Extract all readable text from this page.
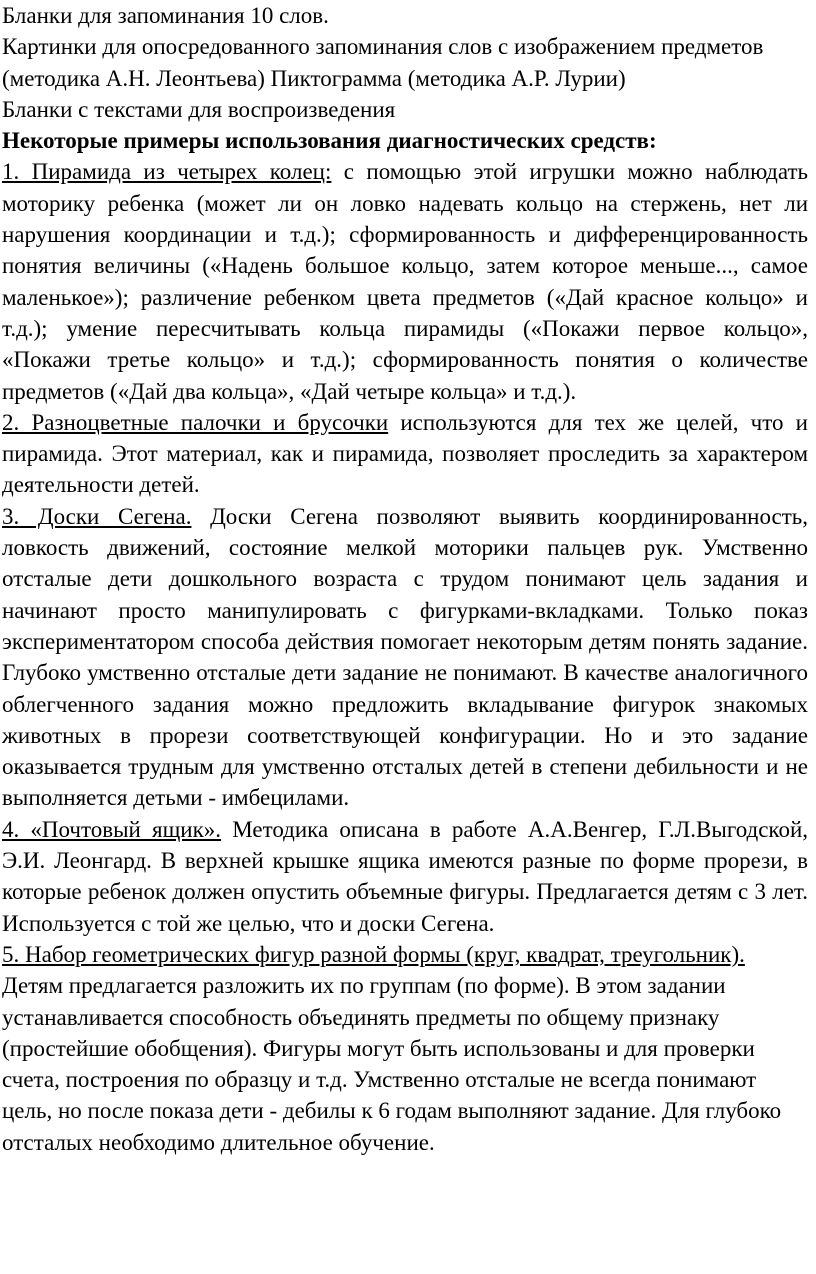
Бланки для запоминания 10 слов.

Картинки для опосредованного запоминания слов с изображением предметов

(методика А.Н. Леонтьева) Пиктограмма (методика А.Р. Лурии)

Бланки с текстами для воспроизведения

Некоторые примеры использования диагностических средств:

1. Пирамида из четырех колец: с помощью этой игрушки можно наблюдать моторику ребенка (может ли он ловко надевать кольцо на стержень, нет ли нарушения координации и т.д.); сформированность и дифференцированность понятия величины («Надень большое кольцо, затем которое меньше..., самое маленькое»); различение ребенком цвета предметов («Дай красное кольцо» и т.д.); умение пересчитывать кольца пирамиды («Покажи первое кольцо», «Покажи третье кольцо» и т.д.); сформированность понятия о количестве предметов («Дай два кольца», «Дай четыре кольца» и т.д.).

2. Разноцветные палочки и брусочки используются для тех же целей, что и пирамида. Этот материал, как и пирамида, позволяет проследить за характером деятельности детей.

3. Доски Сегена. Доски Сегена позволяют выявить координированность, ловкость движений, состояние мелкой моторики пальцев рук. Умственно отсталые дети дошкольного возраста с трудом понимают цель задания и начинают просто манипулировать с фигурками-вкладками. Только показ экспериментатором способа действия помогает некоторым детям понять задание. Глубоко умственно отсталые дети задание не понимают. В качестве аналогичного облегченного задания можно предложить вкладывание фигурок знакомых животных в прорези соответствующей конфигурации. Но и это задание оказывается трудным для умственно отсталых детей в степени дебильности и не выполняется детьми - имбецилами.

4. «Почтовый ящик». Методика описана в работе А.А.Венгер, Г.Л.Выгодской, Э.И. Леонгард. В верхней крышке ящика имеются разные по форме прорези, в которые ребенок должен опустить объемные фигуры. Предлагается детям с 3 лет. Используется с той же целью, что и доски Сегена.

5. Набор геометрических фигур разной формы (круг, квадрат, треугольник). Детям предлагается разложить их по группам (по форме). В этом задании устанавливается способность объединять предметы по общему признаку (простейшие обобщения). Фигуры могут быть использованы и для проверки счета, построения по образцу и т.д. Умственно отсталые не всегда понимают цель, но после показа дети - дебилы к 6 годам выполняют задание. Для глубоко отсталых необходимо длительное обучение.
